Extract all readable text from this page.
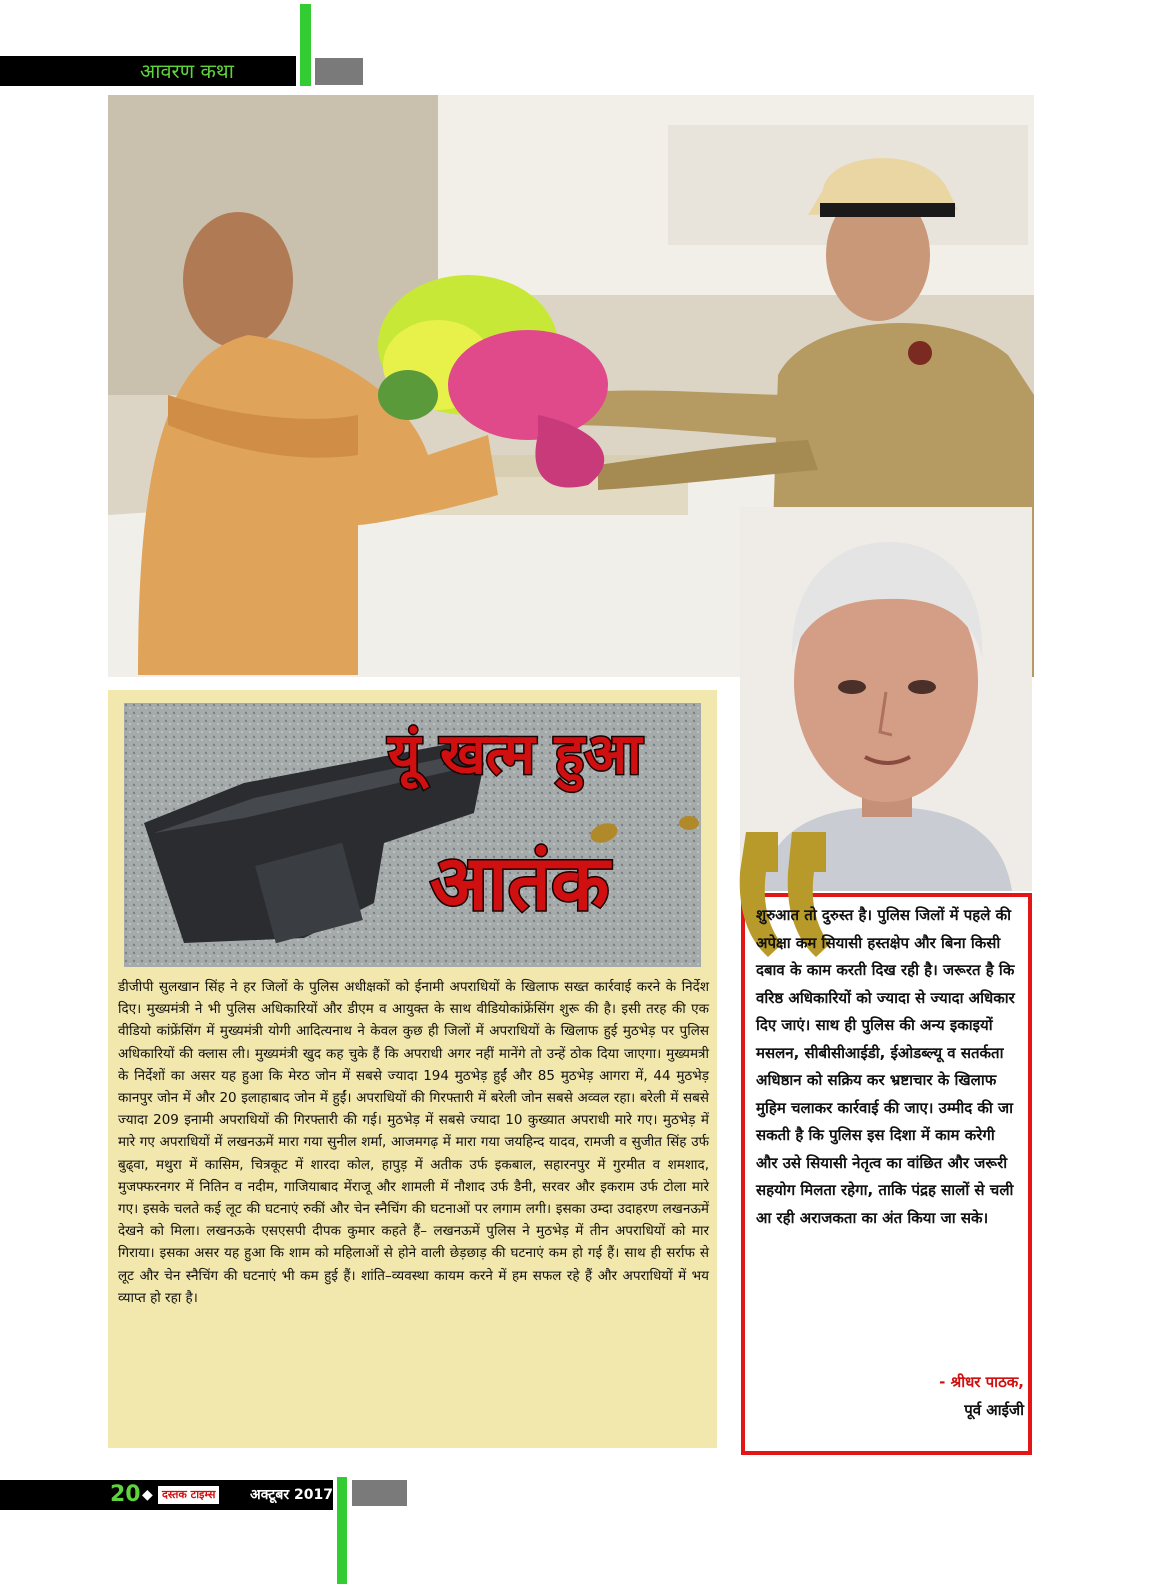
आवरण कथा
यूं खत्म हुआ
आतंक

डीजीपी सुलखान सिंह ने हर जिलों के पुलिस अधीक्षकों को ईनामी अपराधियों के खिलाफ सख्त कार्रवाई करने के निर्देश दिए। मुख्यमंत्री ने भी पुलिस अधिकारियों और डीएम व आयुक्त के साथ वीडियोकांफ्रेंसिंग शुरू की है। इसी तरह की एक वीडियो कांफ्रेंसिंग में मुख्यमंत्री योगी आदित्यनाथ ने केवल कुछ ही जिलों में अपराधियों के खिलाफ हुई मुठभेड़ पर पुलिस अधिकारियों की क्लास ली। मुख्यमंत्री खुद कह चुके हैं कि अपराधी अगर नहीं मानेंगे तो उन्हें ठोक दिया जाएगा। मुख्यमत्री के निर्देशों का असर यह हुआ कि मेरठ जोन में सबसे ज्यादा 194 मुठभेड़ हुईं और 85 मुठभेड़ आगरा में, 44 मुठभेड़ कानपुर जोन में और 20 इलाहाबाद जोन में हुईं। अपराधियों की गिरफ्तारी में बरेली जोन सबसे अव्वल रहा। बरेली में सबसे ज्यादा 209 इनामी अपराधियों की गिरफ्तारी की गई। मुठभेड़ में सबसे ज्यादा 10 कुख्यात अपराधी मारे गए। मुठभेड़ में मारे गए अपराधियों में लखनऊमें मारा गया सुनील शर्मा, आजमगढ़ में मारा गया जयहिन्द यादव, रामजी व सुजीत सिंह उर्फ बुढ्वा, मथुरा में कासिम, चित्रकूट में शारदा कोल, हापुड़ में अतीक उर्फ इकबाल, सहारनपुर में गुरमीत व शमशाद, मुजफ्फरनगर में नितिन व नदीम, गाजियाबाद मेंराजू और शामली में नौशाद उर्फ डैनी, सरवर और इकराम उर्फ टोला मारे गए। इसके चलते कई लूट की घटनाएं रुकीं और चेन स्नैचिंग की घटनाओं पर लगाम लगी। इसका उम्दा उदाहरण लखनऊमें देखने को मिला। लखनऊके एसएसपी दीपक कुमार कहते हैं– लखनऊमें पुलिस ने मुठभेड़ में तीन अपराधियों को मार गिराया। इसका असर यह हुआ कि शाम को महिलाओं से होने वाली छेड़छाड़ की घटनाएं कम हो गई हैं। साथ ही सर्राफ से लूट और चेन स्नैचिंग की घटनाएं भी कम हुई हैं। शांति–व्यवस्था कायम करने में हम सफल रहे हैं और अपराधियों में भय व्याप्त हो रहा है।

शुरुआत तो दुरुस्त है। पुलिस जिलों में पहले की अपेक्षा कम सियासी हस्तक्षेप और बिना किसी दबाव के काम करती दिख रही है। जरूरत है कि वरिष्ठ अधिकारियों को ज्यादा से ज्यादा अधिकार दिए जाएं। साथ ही पुलिस की अन्य इकाइयों मसलन, सीबीसीआईडी, ईओडब्ल्यू व सतर्कता अधिष्ठान को सक्रिय कर भ्रष्टाचार के खिलाफ मुहिम चलाकर कार्रवाई की जाए। उम्मीद की जा सकती है कि पुलिस इस दिशा में काम करेगी और उसे सियासी नेतृत्व का वांछित और जरूरी सहयोग मिलता रहेगा, ताकि पंद्रह सालों से चली आ रही अराजकता का अंत किया जा सके।

- श्रीधर पाठक,
पूर्व आईजी
20 ◆ दस्तक टाइम्स अक्टूबर 2017
